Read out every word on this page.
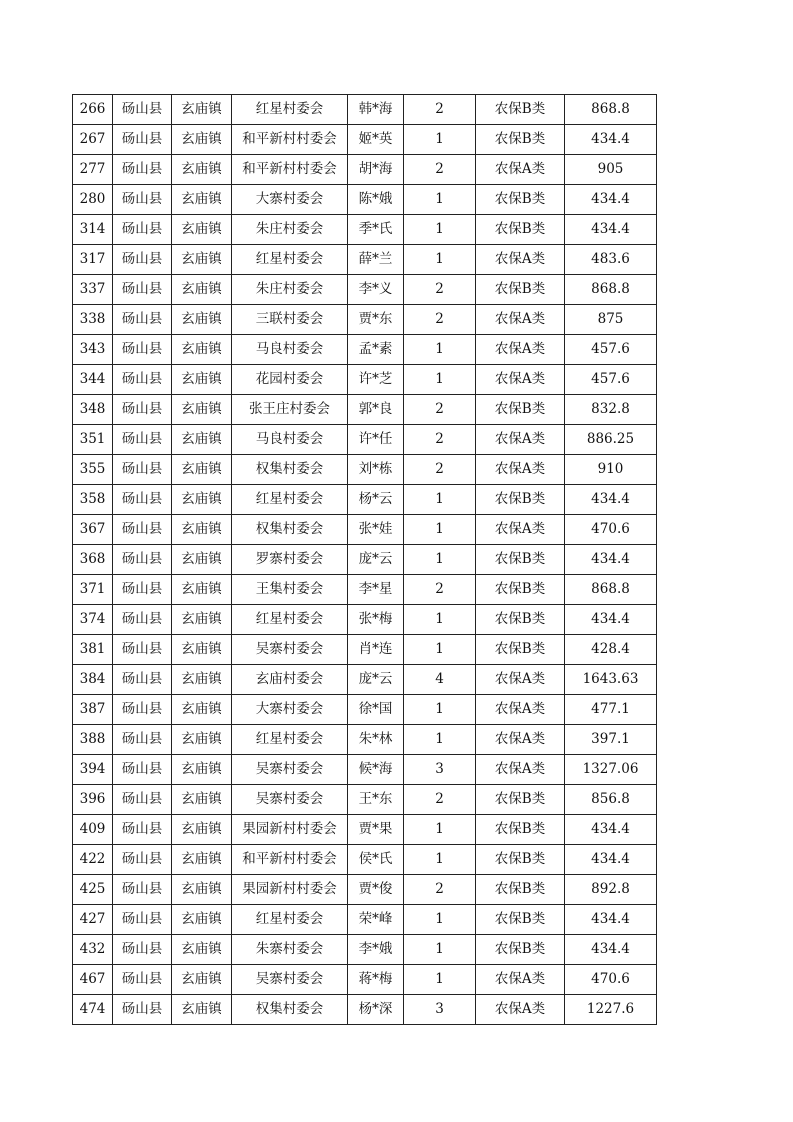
266	砀山县	玄庙镇	红星村委会	韩*海	2	农保B类	868.8
267	砀山县	玄庙镇	和平新村村委会	姬*英	1	农保B类	434.4
277	砀山县	玄庙镇	和平新村村委会	胡*海	2	农保A类	905
280	砀山县	玄庙镇	大寨村委会	陈*娥	1	农保B类	434.4
314	砀山县	玄庙镇	朱庄村委会	季*氏	1	农保B类	434.4
317	砀山县	玄庙镇	红星村委会	薛*兰	1	农保A类	483.6
337	砀山县	玄庙镇	朱庄村委会	李*义	2	农保B类	868.8
338	砀山县	玄庙镇	三联村委会	贾*东	2	农保A类	875
343	砀山县	玄庙镇	马良村委会	孟*素	1	农保A类	457.6
344	砀山县	玄庙镇	花园村委会	许*芝	1	农保A类	457.6
348	砀山县	玄庙镇	张王庄村委会	郭*良	2	农保B类	832.8
351	砀山县	玄庙镇	马良村委会	许*任	2	农保A类	886.25
355	砀山县	玄庙镇	权集村委会	刘*栋	2	农保A类	910
358	砀山县	玄庙镇	红星村委会	杨*云	1	农保B类	434.4
367	砀山县	玄庙镇	权集村委会	张*娃	1	农保A类	470.6
368	砀山县	玄庙镇	罗寨村委会	庞*云	1	农保B类	434.4
371	砀山县	玄庙镇	王集村委会	李*星	2	农保B类	868.8
374	砀山县	玄庙镇	红星村委会	张*梅	1	农保B类	434.4
381	砀山县	玄庙镇	吴寨村委会	肖*连	1	农保B类	428.4
384	砀山县	玄庙镇	玄庙村委会	庞*云	4	农保A类	1643.63
387	砀山县	玄庙镇	大寨村委会	徐*国	1	农保A类	477.1
388	砀山县	玄庙镇	红星村委会	朱*林	1	农保A类	397.1
394	砀山县	玄庙镇	吴寨村委会	候*海	3	农保A类	1327.06
396	砀山县	玄庙镇	吴寨村委会	王*东	2	农保B类	856.8
409	砀山县	玄庙镇	果园新村村委会	贾*果	1	农保B类	434.4
422	砀山县	玄庙镇	和平新村村委会	侯*氏	1	农保B类	434.4
425	砀山县	玄庙镇	果园新村村委会	贾*俊	2	农保B类	892.8
427	砀山县	玄庙镇	红星村委会	荣*峰	1	农保B类	434.4
432	砀山县	玄庙镇	朱寨村委会	李*娥	1	农保B类	434.4
467	砀山县	玄庙镇	吴寨村委会	蒋*梅	1	农保A类	470.6
474	砀山县	玄庙镇	权集村委会	杨*深	3	农保A类	1227.6
